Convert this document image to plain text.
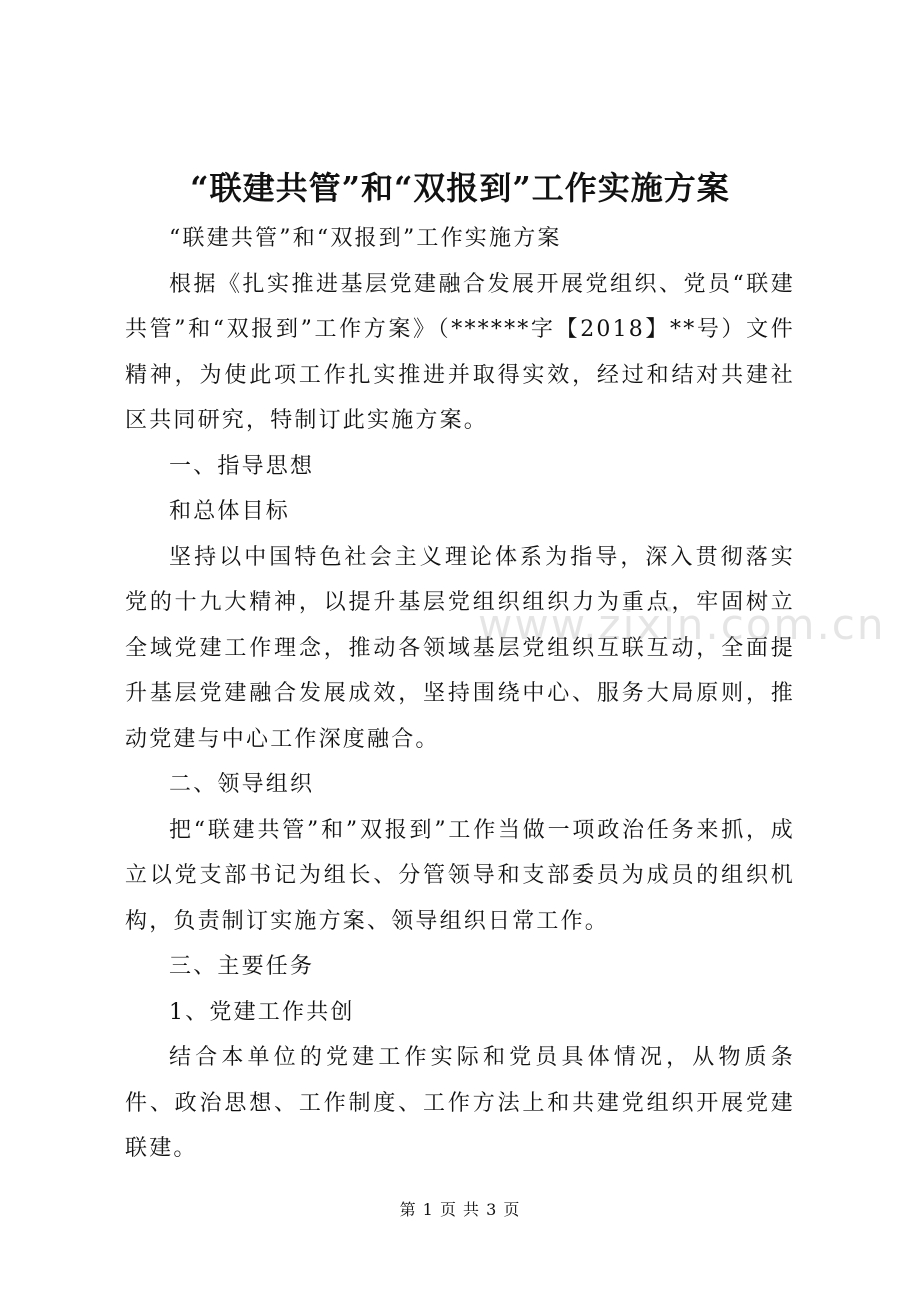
“联建共管”和“双报到”工作实施方案

“联建共管”和“双报到”工作实施方案

根据《扎实推进基层党建融合发展开展党组织、党员“联建共管”和“双报到”工作方案》（******字【2018】**号）文件精神，为使此项工作扎实推进并取得实效，经过和结对共建社区共同研究，特制订此实施方案。

一、指导思想

和总体目标

坚持以中国特色社会主义理论体系为指导，深入贯彻落实党的十九大精神，以提升基层党组织组织力为重点，牢固树立全域党建工作理念，推动各领域基层党组织互联互动，全面提升基层党建融合发展成效，坚持围绕中心、服务大局原则，推动党建与中心工作深度融合。

二、领导组织

把“联建共管”和”双报到”工作当做一项政治任务来抓，成立以党支部书记为组长、分管领导和支部委员为成员的组织机构，负责制订实施方案、领导组织日常工作。

三、主要任务

1、党建工作共创

结合本单位的党建工作实际和党员具体情况，从物质条件、政治思想、工作制度、工作方法上和共建党组织开展党建联建。

www.zixin.com.cn
第 1 页 共 3 页
